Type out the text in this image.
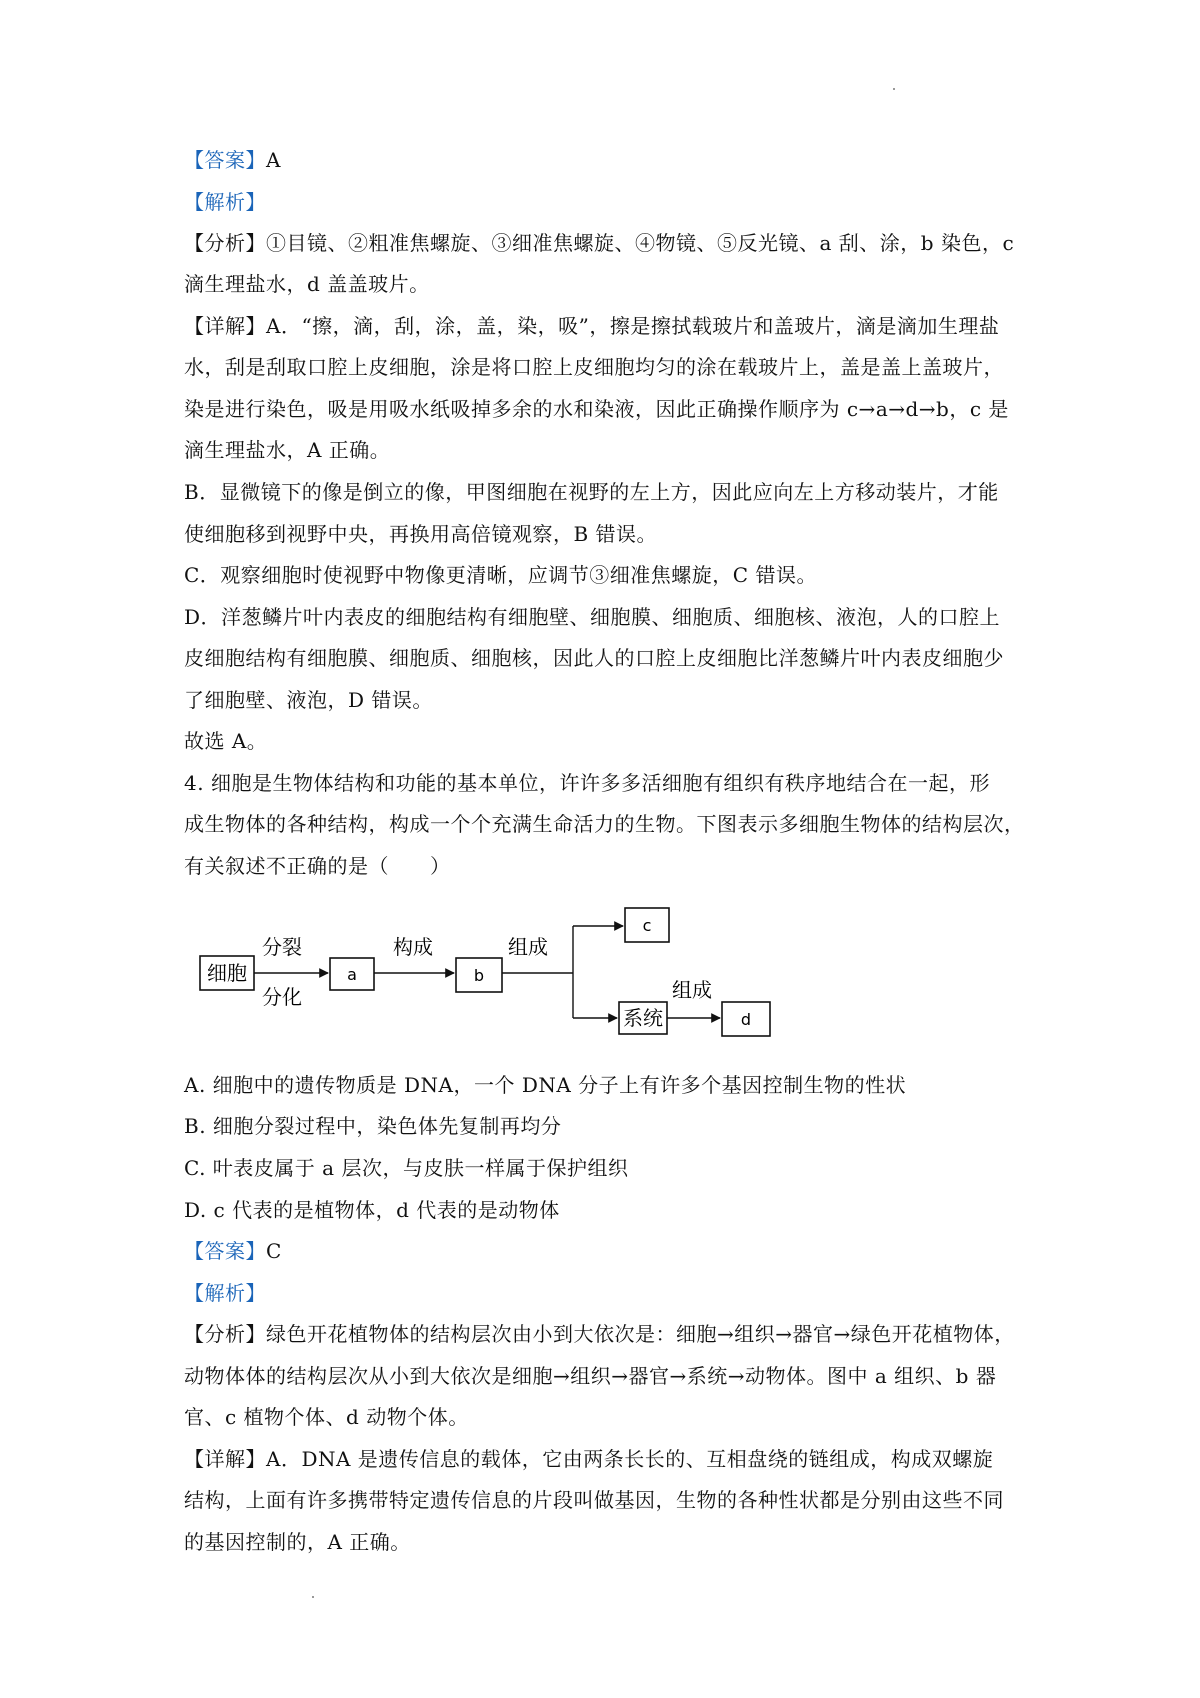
【答案】A
【解析】
【分析】①目镜、②粗准焦螺旋、③细准焦螺旋、④物镜、⑤反光镜、a 刮、涂，b 染色，c
滴生理盐水，d 盖盖玻片。
【详解】A．“擦，滴，刮，涂，盖，染，吸”，擦是擦拭载玻片和盖玻片，滴是滴加生理盐
水，刮是刮取口腔上皮细胞，涂是将口腔上皮细胞均匀的涂在载玻片上，盖是盖上盖玻片，
染是进行染色，吸是用吸水纸吸掉多余的水和染液，因此正确操作顺序为 c→a→d→b，c 是
滴生理盐水，A 正确。
B．显微镜下的像是倒立的像，甲图细胞在视野的左上方，因此应向左上方移动装片，才能
使细胞移到视野中央，再换用高倍镜观察，B 错误。
C．观察细胞时使视野中物像更清晰，应调节③细准焦螺旋，C 错误。
D．洋葱鳞片叶内表皮的细胞结构有细胞壁、细胞膜、细胞质、细胞核、液泡，人的口腔上
皮细胞结构有细胞膜、细胞质、细胞核，因此人的口腔上皮细胞比洋葱鳞片叶内表皮细胞少
了细胞壁、液泡，D 错误。
故选 A。
4. 细胞是生物体结构和功能的基本单位，许许多多活细胞有组织有秩序地结合在一起，形
成生物体的各种结构，构成一个个充满生命活力的生物。下图表示多细胞生物体的结构层次，
有关叙述不正确的是（　　）
细胞
分裂
分化
a
构成
b
组成
c
系统
组成
d
A. 细胞中的遗传物质是 DNA，一个 DNA 分子上有许多个基因控制生物的性状
B. 细胞分裂过程中，染色体先复制再均分
C. 叶表皮属于 a 层次，与皮肤一样属于保护组织
D. c 代表的是植物体，d 代表的是动物体
【答案】C
【解析】
【分析】绿色开花植物体的结构层次由小到大依次是：细胞→组织→器官→绿色开花植物体，
动物体体的结构层次从小到大依次是细胞→组织→器官→系统→动物体。图中 a 组织、b 器
官、c 植物个体、d 动物个体。
【详解】A．DNA 是遗传信息的载体，它由两条长长的、互相盘绕的链组成，构成双螺旋
结构，上面有许多携带特定遗传信息的片段叫做基因，生物的各种性状都是分别由这些不同
的基因控制的，A 正确。
